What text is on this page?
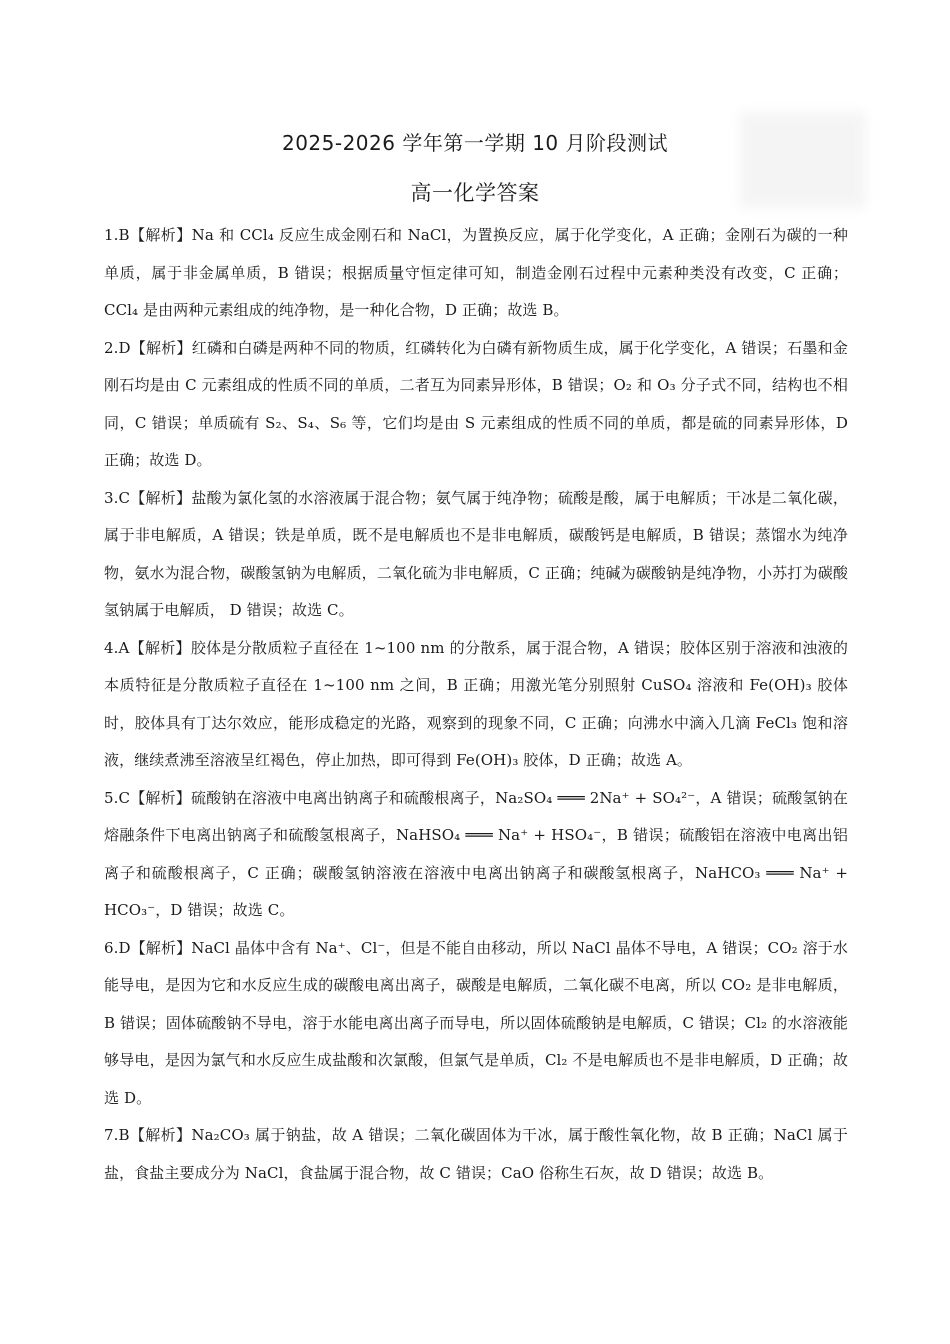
2025-2026 学年第一学期 10 月阶段测试
高一化学答案

1.B【解析】Na 和 CCl₄ 反应生成金刚石和 NaCl，为置换反应，属于化学变化，A 正确；金刚石为碳的一种单质，属于非金属单质，B 错误；根据质量守恒定律可知，制造金刚石过程中元素种类没有改变，C 正确；CCl₄ 是由两种元素组成的纯净物，是一种化合物，D 正确；故选 B。

2.D【解析】红磷和白磷是两种不同的物质，红磷转化为白磷有新物质生成，属于化学变化，A 错误；石墨和金刚石均是由 C 元素组成的性质不同的单质，二者互为同素异形体，B 错误；O₂ 和 O₃ 分子式不同，结构也不相同，C 错误；单质硫有 S₂、S₄、S₆ 等，它们均是由 S 元素组成的性质不同的单质，都是硫的同素异形体，D 正确；故选 D。

3.C【解析】盐酸为氯化氢的水溶液属于混合物；氨气属于纯净物；硫酸是酸，属于电解质；干冰是二氧化碳，属于非电解质，A 错误；铁是单质，既不是电解质也不是非电解质，碳酸钙是电解质，B 错误；蒸馏水为纯净物，氨水为混合物，碳酸氢钠为电解质，二氧化硫为非电解质，C 正确；纯碱为碳酸钠是纯净物，小苏打为碳酸氢钠属于电解质， D 错误；故选 C。

4.A【解析】胶体是分散质粒子直径在 1~100 nm 的分散系，属于混合物，A 错误；胶体区别于溶液和浊液的本质特征是分散质粒子直径在 1~100 nm 之间，B 正确；用激光笔分别照射 CuSO₄ 溶液和 Fe(OH)₃ 胶体时，胶体具有丁达尔效应，能形成稳定的光路，观察到的现象不同，C 正确；向沸水中滴入几滴 FeCl₃ 饱和溶液，继续煮沸至溶液呈红褐色，停止加热，即可得到 Fe(OH)₃ 胶体，D 正确；故选 A。

5.C【解析】硫酸钠在溶液中电离出钠离子和硫酸根离子，Na₂SO₄ ═══ 2Na⁺ + SO₄²⁻，A 错误；硫酸氢钠在熔融条件下电离出钠离子和硫酸氢根离子，NaHSO₄ ═══ Na⁺ + HSO₄⁻，B 错误；硫酸铝在溶液中电离出铝离子和硫酸根离子，C 正确；碳酸氢钠溶液在溶液中电离出钠离子和碳酸氢根离子，NaHCO₃ ═══ Na⁺ + HCO₃⁻，D 错误；故选 C。

6.D【解析】NaCl 晶体中含有 Na⁺、Cl⁻，但是不能自由移动，所以 NaCl 晶体不导电，A 错误；CO₂ 溶于水能导电，是因为它和水反应生成的碳酸电离出离子，碳酸是电解质，二氧化碳不电离，所以 CO₂ 是非电解质，B 错误；固体硫酸钠不导电，溶于水能电离出离子而导电，所以固体硫酸钠是电解质，C 错误；Cl₂ 的水溶液能够导电，是因为氯气和水反应生成盐酸和次氯酸，但氯气是单质，Cl₂ 不是电解质也不是非电解质，D 正确；故选 D。

7.B【解析】Na₂CO₃ 属于钠盐，故 A 错误；二氧化碳固体为干冰，属于酸性氧化物，故 B 正确；NaCl 属于盐，食盐主要成分为 NaCl，食盐属于混合物，故 C 错误；CaO 俗称生石灰，故 D 错误；故选 B。
